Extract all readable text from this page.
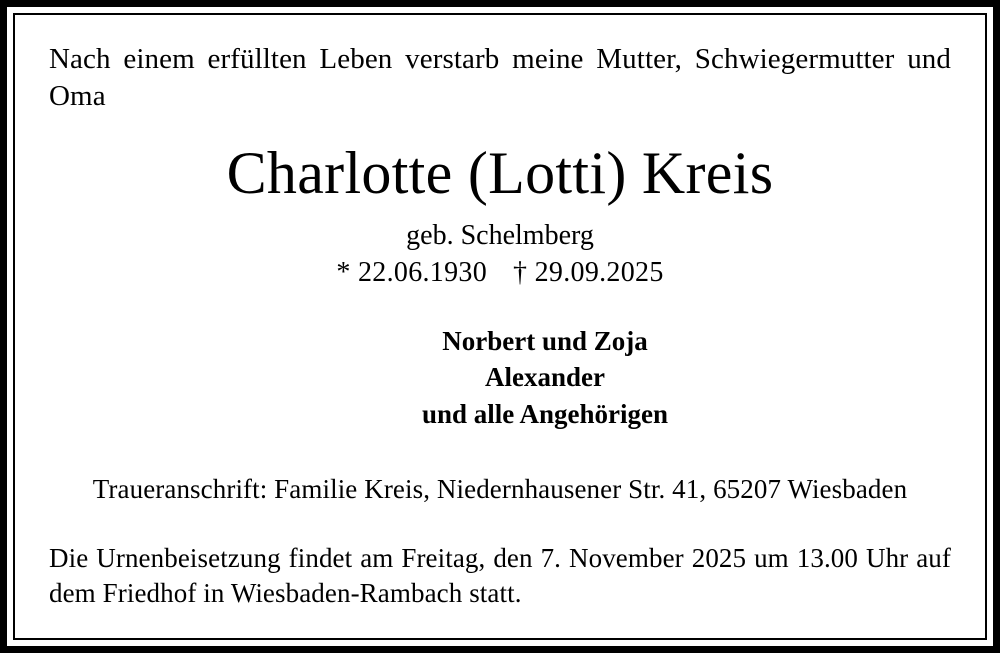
Nach einem erfüllten Leben verstarb meine Mutter, Schwiegermutter und Oma
Charlotte (Lotti) Kreis
geb. Schelmberg
* 22.06.1930 † 29.09.2025
Norbert und Zoja
Alexander
und alle Angehörigen
Traueranschrift: Familie Kreis, Niedernhausener Str. 41, 65207 Wiesbaden
Die Urnenbeisetzung findet am Freitag, den 7. November 2025 um 13.00 Uhr auf dem Friedhof in Wiesbaden-Rambach statt.
